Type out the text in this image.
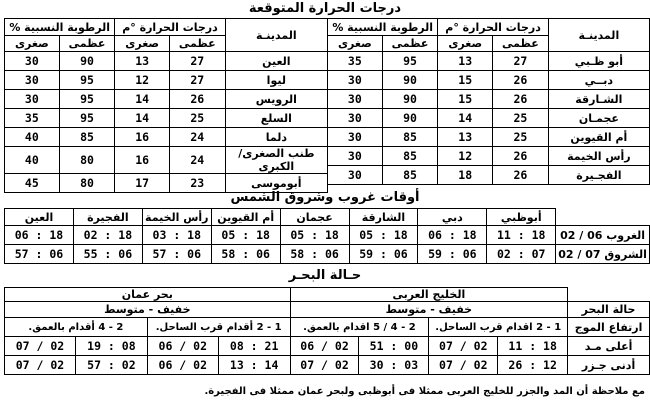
درجات الحرارة المتوقعة
المدينـة	درجات الحرارة °م		الرطوبة النسبية %	
	عظمى	صغرى	عظمى	صغرى
أبو ظـبي	27	13	95	35
دبــي	26	15	90	30
الشـارقة	26	15	90	30
عجمـان	25	14	90	30
أم القيوين	25	13	85	30
رأس الخيمة	26	12	85	30
الفجـيرة	26	18	85	30
المدينـة	درجات الحرارة °م		الرطوبة النسبية %	
	عظمى	صغرى	عظمى	صغرى
العين	27	13	90	30
ليوا	27	12	95	30
الرويس	26	14	95	30
السلع	25	14	95	35
دلما	24	16	85	40
طنب الصغرى/ الكبرى	24	16	80	40
أبوموسى	23	17	80	45
أوقات غروب وشروق الشمس
	أبوظبي	دبي	الشارقة	عجمان	أم القيوين	رأس الخيمة	الفجيرة	العين
الغروب 06 / 02	18 : 11	18 : 06	18 : 05	18 : 05	18 : 05	18 : 03	18 : 02	18 : 06
الشروق 07 / 02	07 : 02	06 : 59	06 : 59	06 : 58	06 : 58	06 : 57	06 : 55	06 : 57
حـالة البحـر
	الخليج العربى				بحر عمان			
حالة البحر	خفيف - متوسط				خفيف - متوسط			
ارتفاع الموج	1 - 2 اقدام قرب الساحل.		2 - 4 / 5 اقدام بالعمق.		1 - 2 أقدام قرب الساحل.		2 - 4 أقدام بالعمق.	
أعلى مـد	18 : 11	02 / 07	00 : 51	02 / 06	21 : 08	02 / 06	08 : 19	02 / 07
أدنى جـزر	12 : 26	02 / 07	03 : 30	02 / 07	14 : 13	02 / 06	02 : 57	02 / 07
مع ملاحظة أن المد والجزر للخليج العربى ممثلا فى أبوظبى ولبحر عمان ممثلا فى الفجيرة.
